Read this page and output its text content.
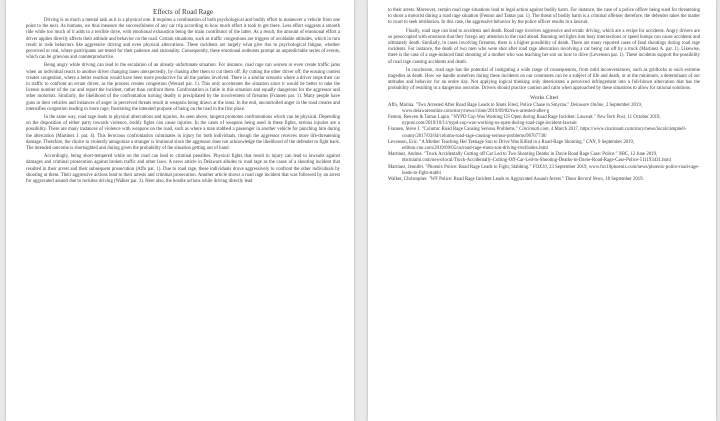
Effects of Road Rage

Driving is as much a mental task as it is a physical one. It requires a combination of both psychological and bodily effort to maneuver a vehicle from one point to the next. As humans, we thus measure the successfulness of any car trip according to how much effort it took to get there. Less effort suggests a smooth ride while too much of it adds to a terrible drive, with emotional exhaustion being the main contributor of the latter. As a result, the amount of emotional effort a driver applies directly affects their attitude and behavior on the road. Certain situations, such as traffic congestions are triggers of avoidable attitudes, which in turn result in rude behaviors like aggressive driving and even physical altercations. These incidents are largely what give rise to psychological fatigue, whether perceived or real, where participants are tested for their patience and rationality. Consequently, these emotional outbursts prompt an unpredictable series of events, which can be grievous and counterproductive.

Being angry while driving can lead to the escalation of an already unfortunate situation. For instance, road rage can worsen or even create traffic jams when an individual reacts to another driver changing lanes unexpectedly, by chasing after them to cut them off. By cutting the other driver off, the ensuing contest creates congestion, where a better reaction would have been more productive for all the parties involved. There is a similar scenario where a driver stops their car in traffic to confront an errant driver, as the process creates congestion (Wenzel par. 1). This only accelerates the situation since it would be better to take the license number of the car and report the incident, rather than confront them. Confrontation is futile in this situation and equally dangerous for the aggressor and other motorists. Similarly, the likelihood of the confrontation turning deadly is precipitated by the involvement of firearms (Fransen par. 1). Many people have guns in their vehicles and instances of anger in perceived threats result in weapons being drawn at the least. In the end, uncontrolled anger in the road creates and intensifies congestion leading to more rage, frustrating the intended purpose of being on the road in the first place.

In the same way, road rage leads to physical altercations and injuries. As seen above, tangent promotes confrontations which can be physical. Depending on the disposition of either party towards violence, bodily fights can cause injuries. In the cases of weapons being used in these fights, serious injuries are a possibility. There are many instances of violence with weapons on the road, such as where a man stabbed a passenger in another vehicle for punching him during the altercation (Martinez J. par. 4). This ferocious confrontation culminates in injury for both individuals, though the aggressor receives more life-threatening damage. Therefore, the choice to violently antagonize a stranger is irrational since the aggressor does not acknowledge the likelihood of the defender to fight back. The intended outcome is shortsighted and during given the probability of the situation getting out of hand.

Accordingly, being short-tempered while on the road can lead to criminal penalties. Physical fights that result in injury can lead to lawsuits against damages and criminal prosecution against broken traffic and other laws. A news article in Delaware alludes to road rage as the cause of a shooting incident that resulted in their arrest and their subsequent prosecution (Affo par. 1). Due to road rage, these individuals drove aggressively to confront the other individuals by shooting at them. Their aggressive actions lead to their arrests and criminal prosecution. Another article shows a road rage incident that was followed by an arrest for aggravated assault due to reckless driving (Walker par. 3). Here also, the hostile actions while driving directly lead

to their arrest. Moreover, certain road rage situations lead to legal action against bodily harm. For instance, the case of a police officer being sued for threatening to shoot a motorist during a road rage situation (Fenton and Tamar par. 1). The threat of bodily harm is a criminal offense; therefore, the defender takes the matter to court to seek retribution. In this case, the aggressive behavior by the police officer results in a lawsuit.

Finally, road rage can lead to accidents and death. Road rage involves aggressive and erratic driving, which are a recipe for accidents. Angry drivers are so preoccupied with emotions that they forego any attention to the road ahead. Running red lights into busy intersections or speed bumps can cause accidents and ultimately death. Similarly, in cases involving firearms, there is a higher possibility of death. There are many reported cases of fatal shootings during road rage incidents. For instance, the death of two men who were shot after road rage altercation involving a car being cut off by a truck (Martinez A. par. 1). Likewise, there is the case of a rage-induced fatal shooting of a mother who was teaching her son on how to drive (Levenson par. 1). These incidents support the possibility of road rage causing accidents and death.

In conclusion, road rage has the potential of instigating a wide range of consequences, from mild inconveniences, such as gridlocks to such extreme tragedies as death. How we handle ourselves during these incidents on our commutes can be a subject of life and death, or at the minimum, a determinant of our attitudes and behavior for an entire day. Not applying logical thinking only deteriorates a perceived infringement into a full-blown altercation that has the probability of resulting in a dangerous outcome. Drivers should practice caution and calm when approached by these situations to allow for rational solutions.

Works Cited
Affo, Marina. "Two Arrested After Road Rage Leads to Shots Fired, Police Chase in Smyrna." Delaware Online, 2 September 2019, www.delawareonline.com/story/news/crime/2019/09/02/two-arrested-after-g
Fenton, Reuven & Tamar Lapin. "NYPD Cop Was Working US Open during Road Rage Incident: Lawsuit." New York Post, 11 October 2019, nypost.com/2019/10/11/nypd-cop-was-working-us-open-during-road-rage-incident-lawsuit
Fransen, Steve J. "Column: Road Rage Causing Serious Problems." Cincinnati.com, 4 March 2017, https://www.cincinnati.com/story/news/local/campbell-county/2017/03/04/column-road-rage-causing-serious-problems/98767738/
Levenson, Eric. "A Mother Teaching Her Teenage Son to Drive Was Killed in a Road-Rage Shooting." CNN, 9 September 2019, edition.cnn.com/2019/09/05/us/road-rage-mom-son-driving-trnd/index.html
Martinez, Andrea. "Truck Accidentally Cutting off Car Led to Two Shooting Deaths in Davie Road Rage Case: Police." NBC, 12 June 2019, nbcmiami.com/news/local/Truck-Accidentally-Cutting-Off-Car-Led-to-Shooting-Deaths-in-Davie-Road-Rage-Case-Police-511193431.html
Martinez, Jennifer. "Phoenix Police: Road Rage Leads to Fight, Stabbing." FOX10, 23 September 2019, www.fox10phoenix.com/news/phoenix-police-road-rage-leads-to-fight-stabbi
Walker, Christopher. "WF Police: Road Rage Incident Leads to Aggravated Assault Arrest." Times Record News, 18 September 2019.
